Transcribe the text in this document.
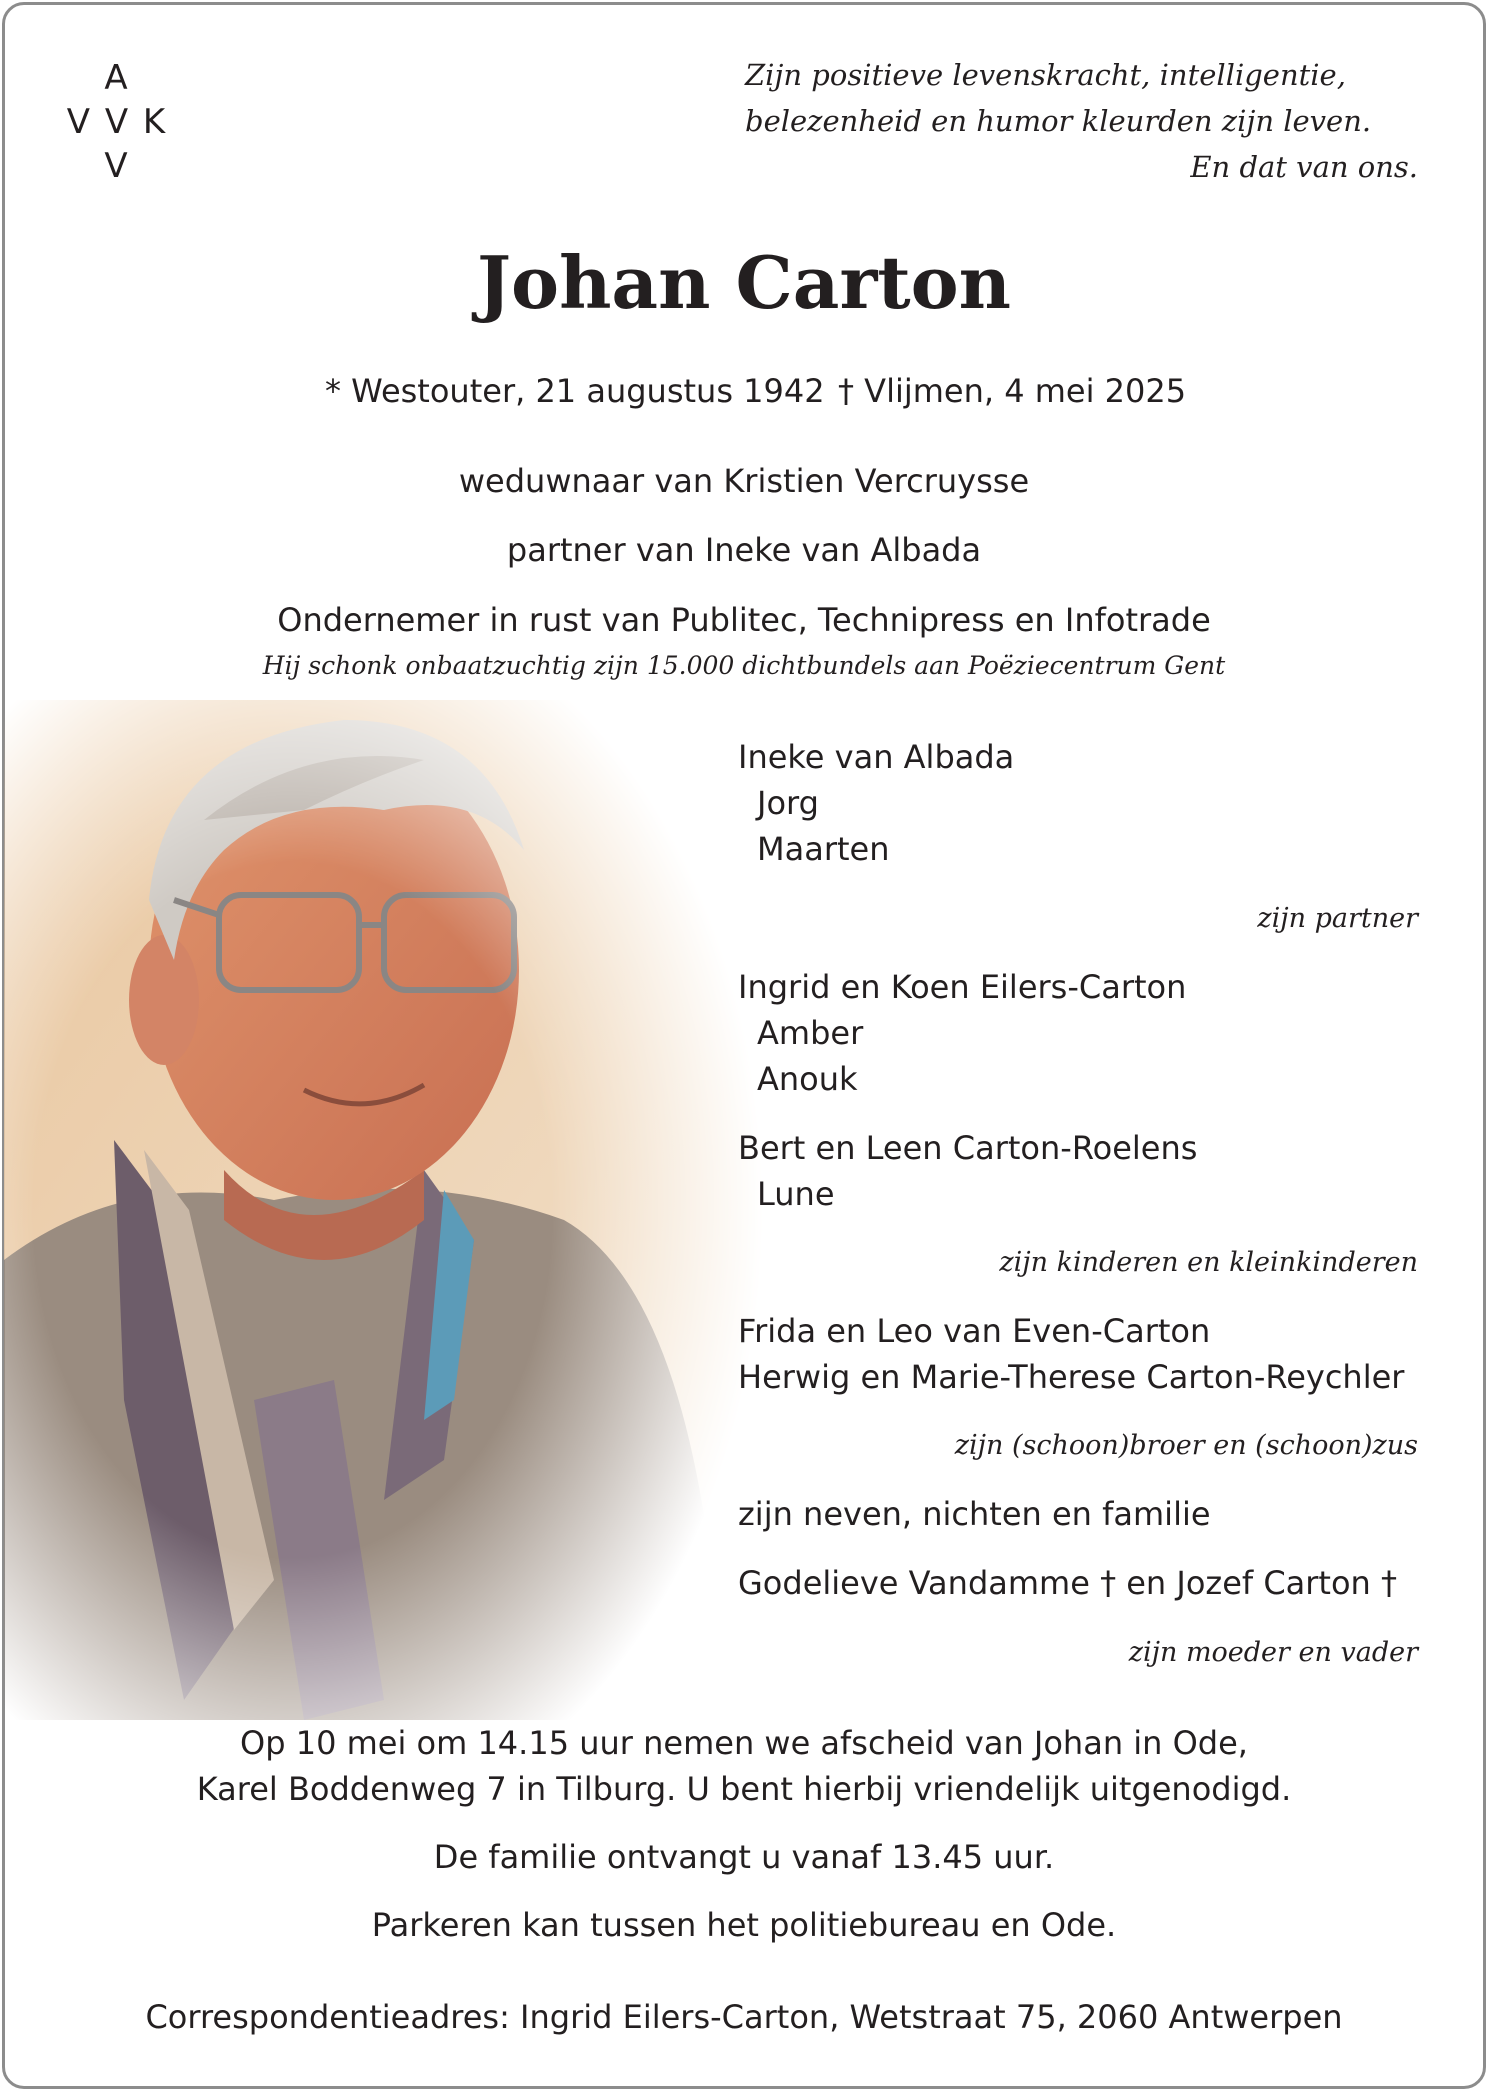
A
V V K
V
Zijn positieve levenskracht, intelligentie,
belezenheid en humor kleurden zijn leven.
En dat van ons.
Johan Carton
* Westouter, 21 augustus 1942 † Vlijmen, 4 mei 2025
weduwnaar van Kristien Vercruysse
partner van Ineke van Albada
Ondernemer in rust van Publitec, Technipress en Infotrade
Hij schonk onbaatzuchtig zijn 15.000 dichtbundels aan Poëziecentrum Gent
Ineke van Albada
Jorg
Maarten
zijn partner
Ingrid en Koen Eilers-Carton
Amber
Anouk
Bert en Leen Carton-Roelens
Lune
zijn kinderen en kleinkinderen
Frida en Leo van Even-Carton
Herwig en Marie-Therese Carton-Reychler
zijn (schoon)broer en (schoon)zus
zijn neven, nichten en familie
Godelieve Vandamme † en Jozef Carton †
zijn moeder en vader
Op 10 mei om 14.15 uur nemen we afscheid van Johan in Ode,
Karel Boddenweg 7 in Tilburg. U bent hierbij vriendelijk uitgenodigd.
De familie ontvangt u vanaf 13.45 uur.
Parkeren kan tussen het politiebureau en Ode.
Correspondentieadres: Ingrid Eilers-Carton, Wetstraat 75, 2060 Antwerpen
